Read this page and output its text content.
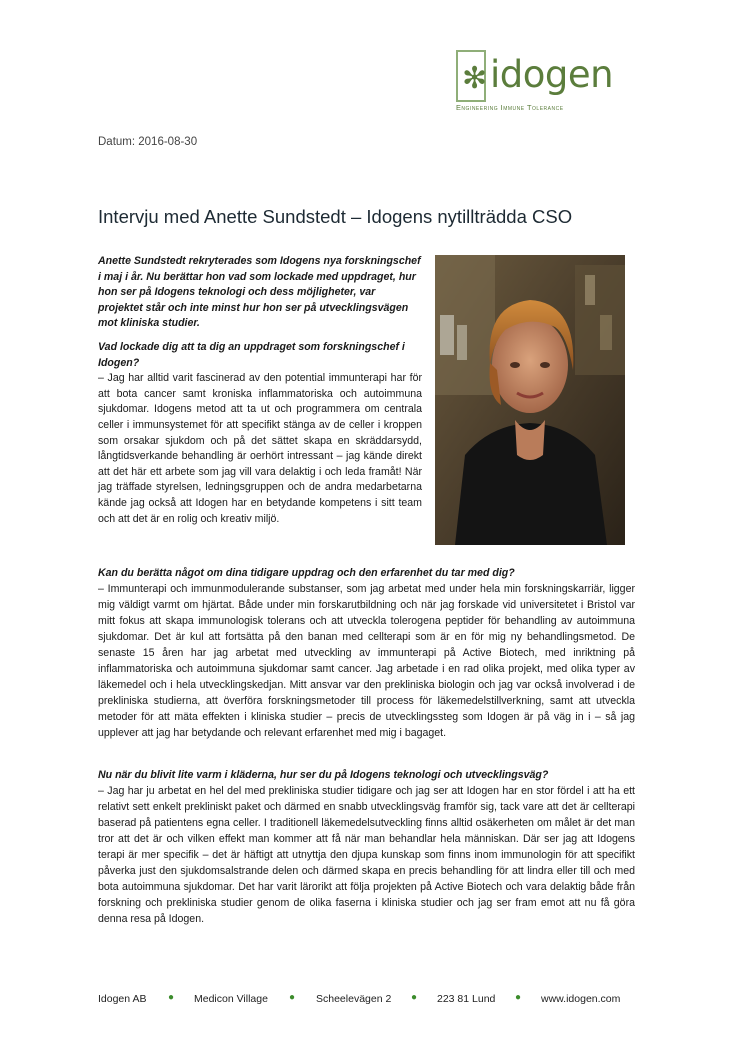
✻ idogen
Engineering Immune Tolerance
Datum: 2016-08-30
Intervju med Anette Sundstedt – Idogens nytillträdda CSO

Anette Sundstedt rekryterades som Idogens nya forskningschef i maj i år. Nu berättar hon vad som lockade med uppdraget, hur hon ser på Idogens teknologi och dess möjligheter, var projektet står och inte minst hur hon ser på utvecklingsvägen mot kliniska studier.

Vad lockade dig att ta dig an uppdraget som forskningschef i Idogen?

– Jag har alltid varit fascinerad av den potential immunterapi har för att bota cancer samt kroniska inflammatoriska och autoimmuna sjukdomar. Idogens metod att ta ut och programmera om centrala celler i immunsystemet för att specifikt stänga av de celler i kroppen som orsakar sjukdom och på det sättet skapa en skräddarsydd, långtidsverkande behandling är oerhört intressant – jag kände direkt att det här ett arbete som jag vill vara delaktig i och leda framåt! När jag träffade styrelsen, ledningsgruppen och de andra medarbetarna kände jag också att Idogen har en betydande kompetens i sitt team och att det är en rolig och kreativ miljö.

Kan du berätta något om dina tidigare uppdrag och den erfarenhet du tar med dig?

– Immunterapi och immunmodulerande substanser, som jag arbetat med under hela min forskningskarriär, ligger mig väldigt varmt om hjärtat. Både under min forskarutbildning och när jag forskade vid universitetet i Bristol var mitt fokus att skapa immunologisk tolerans och att utveckla tolerogena peptider för behandling av autoimmuna sjukdomar. Det är kul att fortsätta på den banan med cellterapi som är en för mig ny behandlingsmetod. De senaste 15 åren har jag arbetat med utveckling av immunterapi på Active Biotech, med inriktning på inflammatoriska och autoimmuna sjukdomar samt cancer. Jag arbetade i en rad olika projekt, med olika typer av läkemedel och i hela utvecklingskedjan. Mitt ansvar var den prekliniska biologin och jag var också involverad i de prekliniska studierna, att överföra forskningsmetoder till process för läkemedelstillverkning, samt att utveckla metoder för att mäta effekten i kliniska studier – precis de utvecklingssteg som Idogen är på väg in i – så jag upplever att jag har betydande och relevant erfarenhet med mig i bagaget.

Nu när du blivit lite varm i kläderna, hur ser du på Idogens teknologi och utvecklingsväg?

– Jag har ju arbetat en hel del med prekliniska studier tidigare och jag ser att Idogen har en stor fördel i att ha ett relativt sett enkelt prekliniskt paket och därmed en snabb utvecklingsväg framför sig, tack vare att det är cellterapi baserad på patientens egna celler. I traditionell läkemedelsutveckling finns alltid osäkerheten om målet är det man tror att det är och vilken effekt man kommer att få när man behandlar hela människan. Där ser jag att Idogens terapi är mer specifik – det är häftigt att utnyttja den djupa kunskap som finns inom immunologin för att specifikt påverka just den sjukdomsalstrande delen och därmed skapa en precis behandling för att lindra eller till och med bota autoimmuna sjukdomar. Det har varit lärorikt att följa projekten på Active Biotech och vara delaktig både från forskning och prekliniska studier genom de olika faserna i kliniska studier och jag ser fram emot att nu få göra denna resa på Idogen.

Idogen AB ● Medicon Village ● Scheelevägen 2 ● 223 81 Lund ● www.idogen.com
